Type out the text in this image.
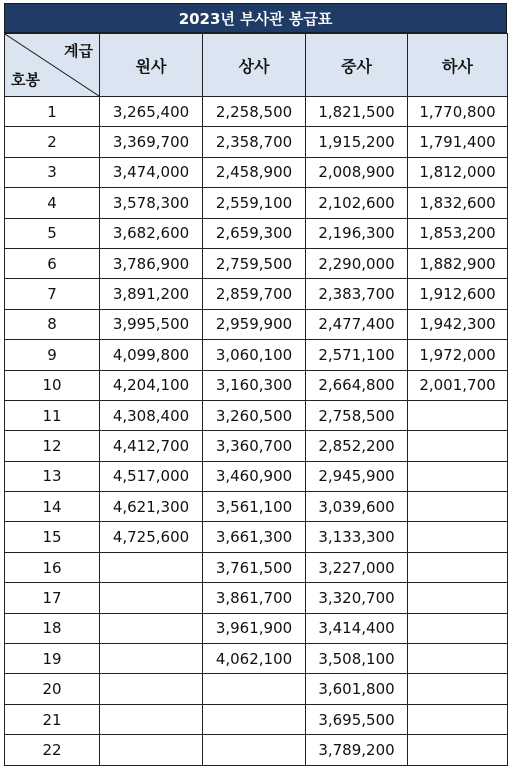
2023년 부사관 봉급표
계급
호봉	원사	상사	중사	하사
1	3,265,400	2,258,500	1,821,500	1,770,800
2	3,369,700	2,358,700	1,915,200	1,791,400
3	3,474,000	2,458,900	2,008,900	1,812,000
4	3,578,300	2,559,100	2,102,600	1,832,600
5	3,682,600	2,659,300	2,196,300	1,853,200
6	3,786,900	2,759,500	2,290,000	1,882,900
7	3,891,200	2,859,700	2,383,700	1,912,600
8	3,995,500	2,959,900	2,477,400	1,942,300
9	4,099,800	3,060,100	2,571,100	1,972,000
10	4,204,100	3,160,300	2,664,800	2,001,700
11	4,308,400	3,260,500	2,758,500	
12	4,412,700	3,360,700	2,852,200	
13	4,517,000	3,460,900	2,945,900	
14	4,621,300	3,561,100	3,039,600	
15	4,725,600	3,661,300	3,133,300	
16		3,761,500	3,227,000	
17		3,861,700	3,320,700	
18		3,961,900	3,414,400	
19		4,062,100	3,508,100	
20			3,601,800	
21			3,695,500	
22			3,789,200	
